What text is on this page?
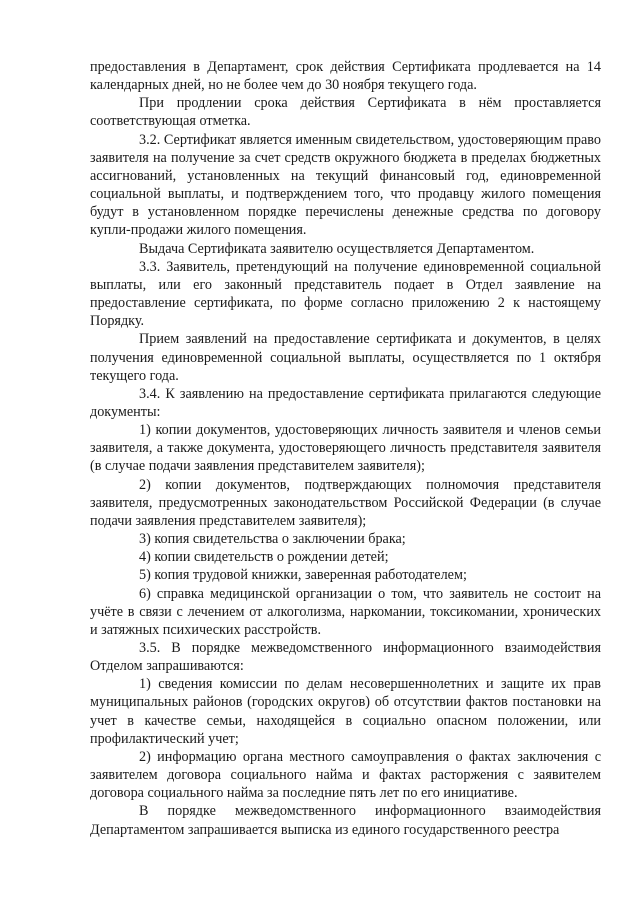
предоставления в Департамент, срок действия Сертификата продлевается на 14 календарных дней, но не более чем до 30 ноября текущего года.

При продлении срока действия Сертификата в нём проставляется соответствующая отметка.

3.2. Сертификат является именным свидетельством, удостоверяющим право заявителя на получение за счет средств окружного бюджета в пределах бюджетных ассигнований, установленных на текущий финансовый год, единовременной социальной выплаты, и подтверждением того, что продавцу жилого помещения будут в установленном порядке перечислены денежные средства по договору купли-продажи жилого помещения.

Выдача Сертификата заявителю осуществляется Департаментом.

3.3. Заявитель, претендующий на получение единовременной социальной выплаты, или его законный представитель подает в Отдел заявление на предоставление сертификата, по форме согласно приложению 2 к настоящему Порядку.

Прием заявлений на предоставление сертификата и документов, в целях получения единовременной социальной выплаты, осуществляется по 1 октября текущего года.

3.4. К заявлению на предоставление сертификата прилагаются следующие документы:

1) копии документов, удостоверяющих личность заявителя и членов семьи заявителя, а также документа, удостоверяющего личность представителя заявителя (в случае подачи заявления представителем заявителя);

2) копии документов, подтверждающих полномочия представителя заявителя, предусмотренных законодательством Российской Федерации (в случае подачи заявления представителем заявителя);

3) копия свидетельства о заключении брака;

4) копии свидетельств о рождении детей;

5) копия трудовой книжки, заверенная работодателем;

6) справка медицинской организации о том, что заявитель не состоит на учёте в связи с лечением от алкоголизма, наркомании, токсикомании, хронических и затяжных психических расстройств.

3.5. В порядке межведомственного информационного взаимодействия Отделом запрашиваются:

1) сведения комиссии по делам несовершеннолетних и защите их прав муниципальных районов (городских округов) об отсутствии фактов постановки на учет в качестве семьи, находящейся в социально опасном положении, или профилактический учет;

2) информацию органа местного самоуправления о фактах заключения с заявителем договора социального найма и фактах расторжения с заявителем договора социального найма за последние пять лет по его инициативе.

В порядке межведомственного информационного взаимодействия Департаментом запрашивается выписка из единого государственного реестра
